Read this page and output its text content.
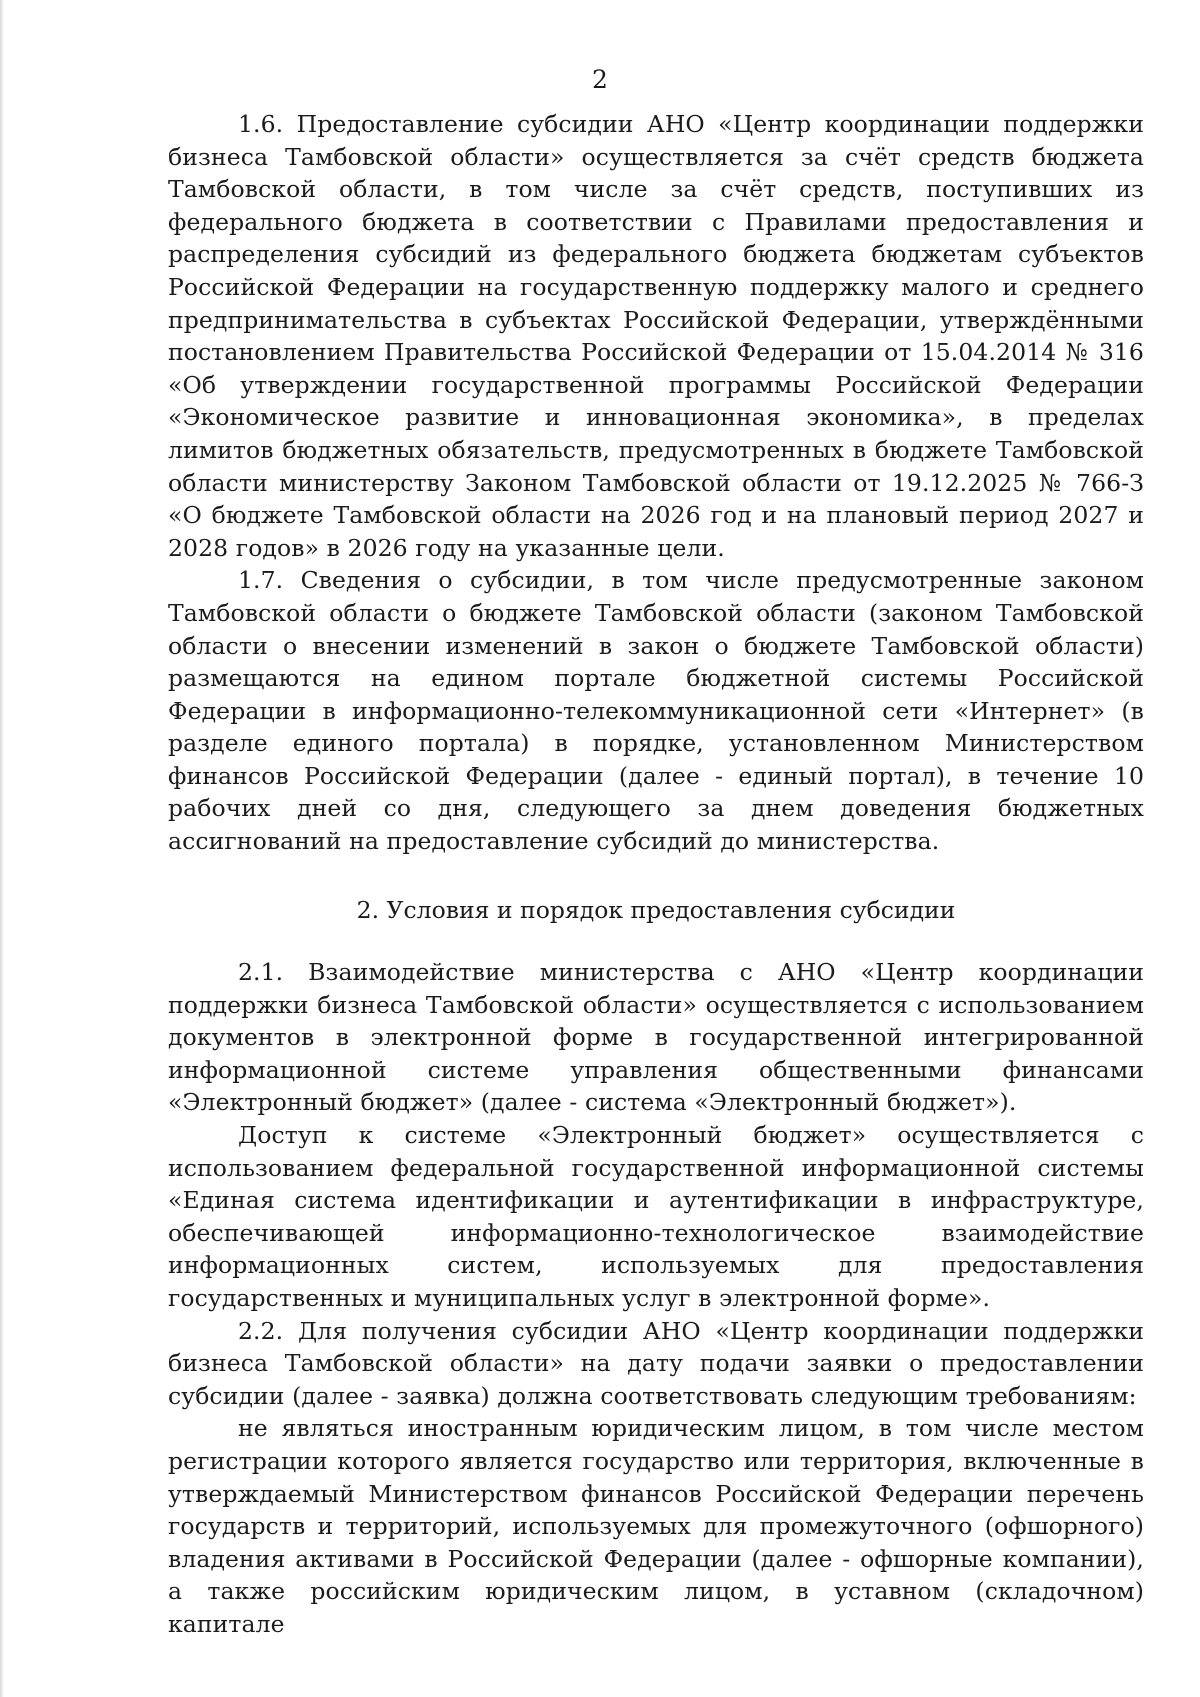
2

1.6. Предоставление субсидии АНО «Центр координации поддержки бизнеса Тамбовской области» осуществляется за счёт средств бюджета Тамбовской области, в том числе за счёт средств, поступивших из федерального бюджета в соответствии с Правилами предоставления и распределения субсидий из федерального бюджета бюджетам субъектов Российской Федерации на государственную поддержку малого и среднего предпринимательства в субъектах Российской Федерации, утверждёнными постановлением Правительства Российской Федерации от 15.04.2014 № 316 «Об утверждении государственной программы Российской Федерации «Экономическое развитие и инновационная экономика», в пределах лимитов бюджетных обязательств, предусмотренных в бюджете Тамбовской области министерству Законом Тамбовской области от 19.12.2025 № 766-З «О бюджете Тамбовской области на 2026 год и на плановый период 2027 и 2028 годов» в 2026 году на указанные цели.

1.7. Сведения о субсидии, в том числе предусмотренные законом Тамбовской области о бюджете Тамбовской области (законом Тамбовской области о внесении изменений в закон о бюджете Тамбовской области) размещаются на едином портале бюджетной системы Российской Федерации в информационно-телекоммуникационной сети «Интернет» (в разделе единого портала) в порядке, установленном Министерством финансов Российской Федерации (далее - единый портал), в течение 10 рабочих дней со дня, следующего за днем доведения бюджетных ассигнований на предоставление субсидий до министерства.

2. Условия и порядок предоставления субсидии

2.1. Взаимодействие министерства с АНО «Центр координации поддержки бизнеса Тамбовской области» осуществляется с использованием документов в электронной форме в государственной интегрированной информационной системе управления общественными финансами «Электронный бюджет» (далее - система «Электронный бюджет»).

Доступ к системе «Электронный бюджет» осуществляется с использованием федеральной государственной информационной системы «Единая система идентификации и аутентификации в инфраструктуре, обеспечивающей информационно-технологическое взаимодействие информационных систем, используемых для предоставления государственных и муниципальных услуг в электронной форме».

2.2. Для получения субсидии АНО «Центр координации поддержки бизнеса Тамбовской области» на дату подачи заявки о предоставлении субсидии (далее - заявка) должна соответствовать следующим требованиям:

не являться иностранным юридическим лицом, в том числе местом регистрации которого является государство или территория, включенные в утверждаемый Министерством финансов Российской Федерации перечень государств и территорий, используемых для промежуточного (офшорного) владения активами в Российской Федерации (далее - офшорные компании), а также российским юридическим лицом, в уставном (складочном) капитале
